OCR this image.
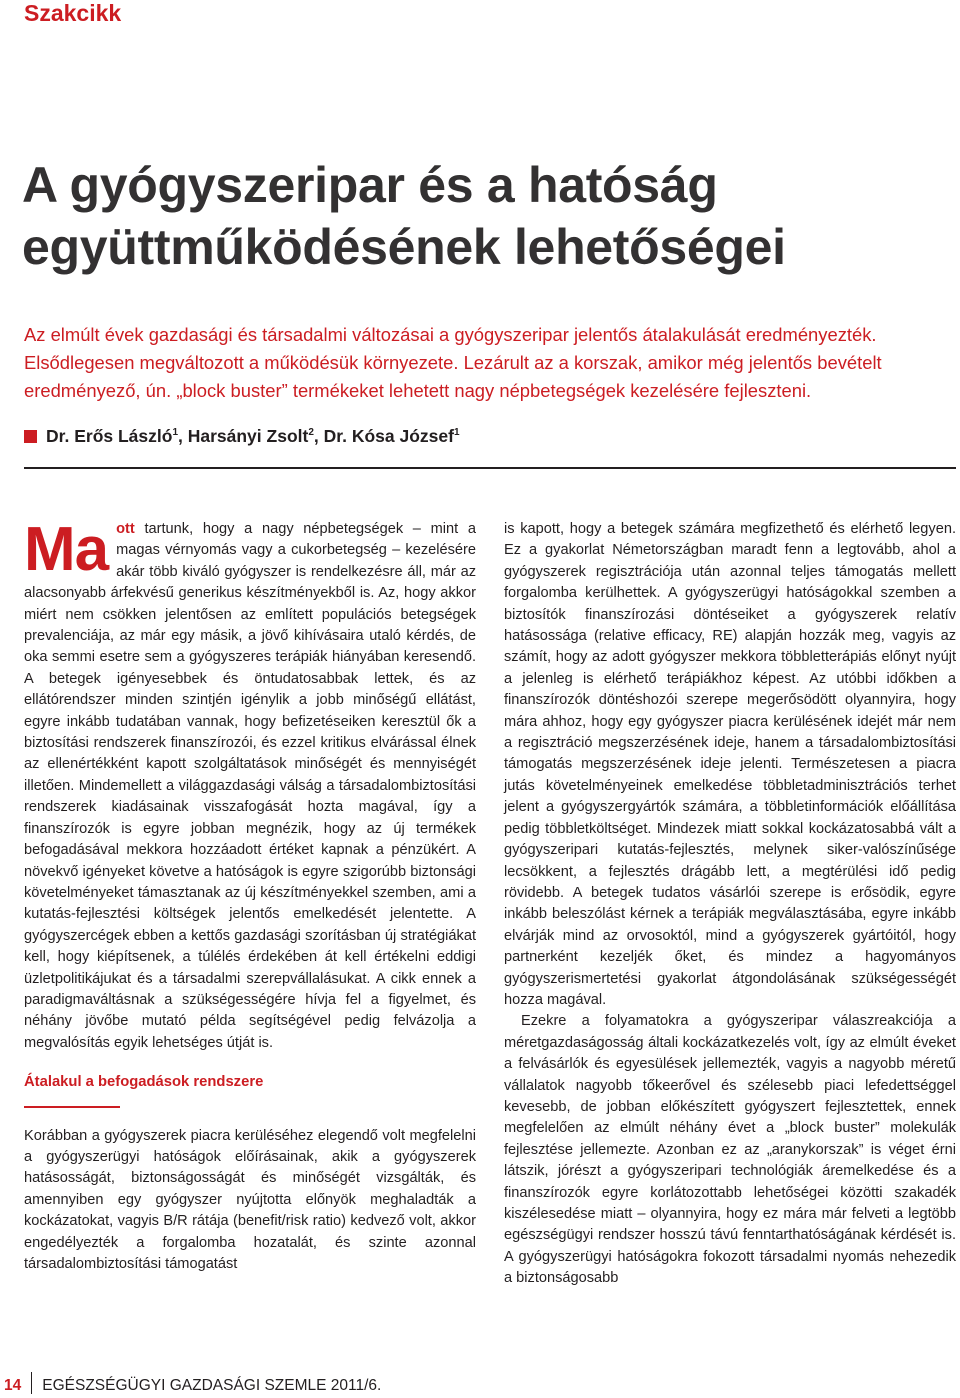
Szakcikk
A gyógyszeripar és a hatóság együttműködésének lehetőségei

Az elmúlt évek gazdasági és társadalmi változásai a gyógyszeripar jelentős átalakulását eredményezték. Elsődlegesen megváltozott a működésük környezete. Lezárult az a korszak, amikor még jelentős bevételt eredményező, ún. „block buster” termékeket lehetett nagy népbetegségek kezelésére fejleszteni.

Dr. Erős László$^1$, Harsányi Zsolt$^2$, Dr. Kósa József$^1$

Ma ott tartunk, hogy a nagy népbetegségek – mint a magas vérnyomás vagy a cukorbetegség – kezelésére akár több kiváló gyógyszer is rendelkezésre áll, már az alacsonyabb árfekvésű generikus készítményekből is. Az, hogy akkor miért nem csökken jelentősen az említett populációs betegségek prevalenciája, az már egy másik, a jövő kihívásaira utaló kérdés, de oka semmi esetre sem a gyógyszeres terápiák hiányában keresendő. A betegek igényesebbek és öntudatosabbak lettek, és az ellátórendszer minden szintjén igénylik a jobb minőségű ellátást, egyre inkább tudatában vannak, hogy befizetéseiken keresztül ők a biztosítási rendszerek finanszírozói, és ezzel kritikus elvárással élnek az ellenértékként kapott szolgáltatások minőségét és mennyiségét illetően. Mindemellett a világgazdasági válság a társadalombiztosítási rendszerek kiadásainak visszafogását hozta magával, így a finanszírozók is egyre jobban megnézik, hogy az új termékek befogadásával mekkora hozzáadott értéket kapnak a pénzükért. A növekvő igényeket követve a hatóságok is egyre szigorúbb biztonsági követelményeket támasztanak az új készítményekkel szemben, ami a kutatás-fejlesztési költségek jelentős emelkedését jelentette. A gyógyszercégek ebben a kettős gazdasági szorításban új stratégiákat kell, hogy kiépítsenek, a túlélés érdekében át kell értékelni eddigi üzletpolitikájukat és a társadalmi szerepvállalásukat. A cikk ennek a paradigmaváltásnak a szükségességére hívja fel a figyelmet, és néhány jövőbe mutató példa segítségével pedig felvázolja a megvalósítás egyik lehetséges útját is.

Átalakul a befogadások rendszere

Korábban a gyógyszerek piacra kerüléséhez elegendő volt megfelelni a gyógyszerügyi hatóságok előírásainak, akik a gyógyszerek hatásosságát, biztonságosságát és minőségét vizsgálták, és amennyiben egy gyógyszer nyújtotta előnyök meghaladták a kockázatokat, vagyis B/R rátája (benefit/risk ratio) kedvező volt, akkor engedélyezték a forgalomba hozatalát, és szinte azonnal társadalombiztosítási támogatást

is kapott, hogy a betegek számára megfizethető és elérhető legyen. Ez a gyakorlat Németországban maradt fenn a legtovább, ahol a gyógyszerek regisztrációja után azonnal teljes támogatás mellett forgalomba kerülhettek. A gyógyszerügyi hatóságokkal szemben a biztosítók finanszírozási döntéseiket a gyógyszerek relatív hatásossága (relative efficacy, RE) alapján hozzák meg, vagyis az számít, hogy az adott gyógyszer mekkora többletterápiás előnyt nyújt a jelenleg is elérhető terápiákhoz képest. Az utóbbi időkben a finanszírozók döntéshozói szerepe megerősödött olyannyira, hogy mára ahhoz, hogy egy gyógyszer piacra kerülésének idejét már nem a regisztráció megszerzésének ideje, hanem a társadalombiztosítási támogatás megszerzésének ideje jelenti. Természetesen a piacra jutás követelményeinek emelkedése többletadminisztrációs terhet jelent a gyógyszergyártók számára, a többletinformációk előállítása pedig többletköltséget. Mindezek miatt sokkal kockázatosabbá vált a gyógyszeripari kutatás-fejlesztés, melynek siker-valószínűsége lecsökkent, a fejlesztés drágább lett, a megtérülési idő pedig rövidebb. A betegek tudatos vásárlói szerepe is erősödik, egyre inkább beleszólást kérnek a terápiák megválasztásába, egyre inkább elvárják mind az orvosoktól, mind a gyógyszerek gyártóitól, hogy partnerként kezeljék őket, és mindez a hagyományos gyógyszerismertetési gyakorlat átgondolásának szükségességét hozza magával.

Ezekre a folyamatokra a gyógyszeripar válaszreakciója a méretgazdaságosság általi kockázatkezelés volt, így az elmúlt éveket a felvásárlók és egyesülések jellemezték, vagyis a nagyobb méretű vállalatok nagyobb tőkeerővel és szélesebb piaci lefedettséggel kevesebb, de jobban előkészített gyógyszert fejlesztettek, ennek megfelelően az elmúlt néhány évet a „block buster” molekulák fejlesztése jellemezte. Azonban ez az „aranykorszak” is véget érni látszik, jórészt a gyógyszeripari technológiák áremelkedése és a finanszírozók egyre korlátozottabb lehetőségei közötti szakadék kiszélesedése miatt – olyannyira, hogy ez mára már felveti a legtöbb egészségügyi rendszer hosszú távú fenntarthatóságának kérdését is. A gyógyszerügyi hatóságokra fokozott társadalmi nyomás nehezedik a biztonságosabb

14 EGÉSZSÉGÜGYI GAZDASÁGI SZEMLE 2011/6.
